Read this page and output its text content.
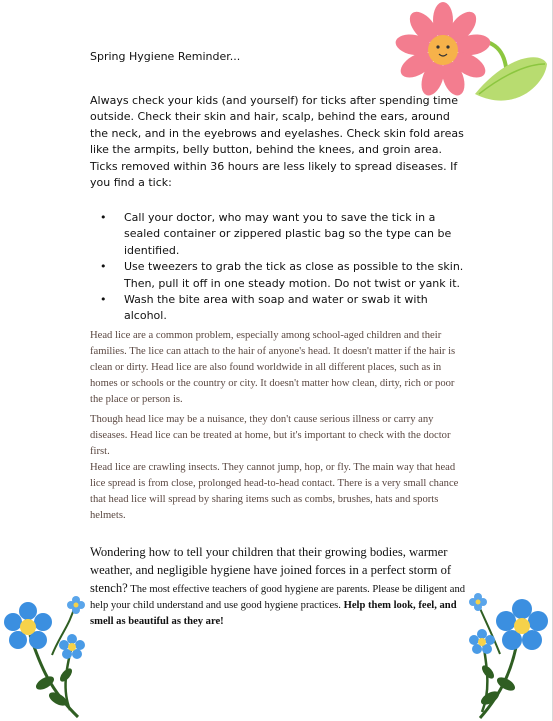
Spring Hygiene Reminder...

Always check your kids (and yourself) for ticks after spending time outside. Check their skin and hair, scalp, behind the ears, around the neck, and in the eyebrows and eyelashes. Check skin fold areas like the armpits, belly button, behind the knees, and groin area. Ticks removed within 36 hours are less likely to spread diseases. If you find a tick:

• Call your doctor, who may want you to save the tick in a sealed container or zippered plastic bag so the type can be identified.
• Use tweezers to grab the tick as close as possible to the skin. Then, pull it off in one steady motion. Do not twist or yank it.
• Wash the bite area with soap and water or swab it with alcohol.

Head lice are a common problem, especially among school-aged children and their families. The lice can attach to the hair of anyone's head. It doesn't matter if the hair is clean or dirty. Head lice are also found worldwide in all different places, such as in homes or schools or the country or city. It doesn't matter how clean, dirty, rich or poor the place or person is.

Though head lice may be a nuisance, they don't cause serious illness or carry any diseases. Head lice can be treated at home, but it's important to check with the doctor first.

Head lice are crawling insects. They cannot jump, hop, or fly. The main way that head lice spread is from close, prolonged head-to-head contact. There is a very small chance that head lice will spread by sharing items such as combs, brushes, hats and sports helmets.

Wondering how to tell your children that their growing bodies, warmer weather, and negligible hygiene have joined forces in a perfect storm of stench? The most effective teachers of good hygiene are parents. Please be diligent and help your child understand and use good hygiene practices. Help them look, feel, and smell as beautiful as they are!
